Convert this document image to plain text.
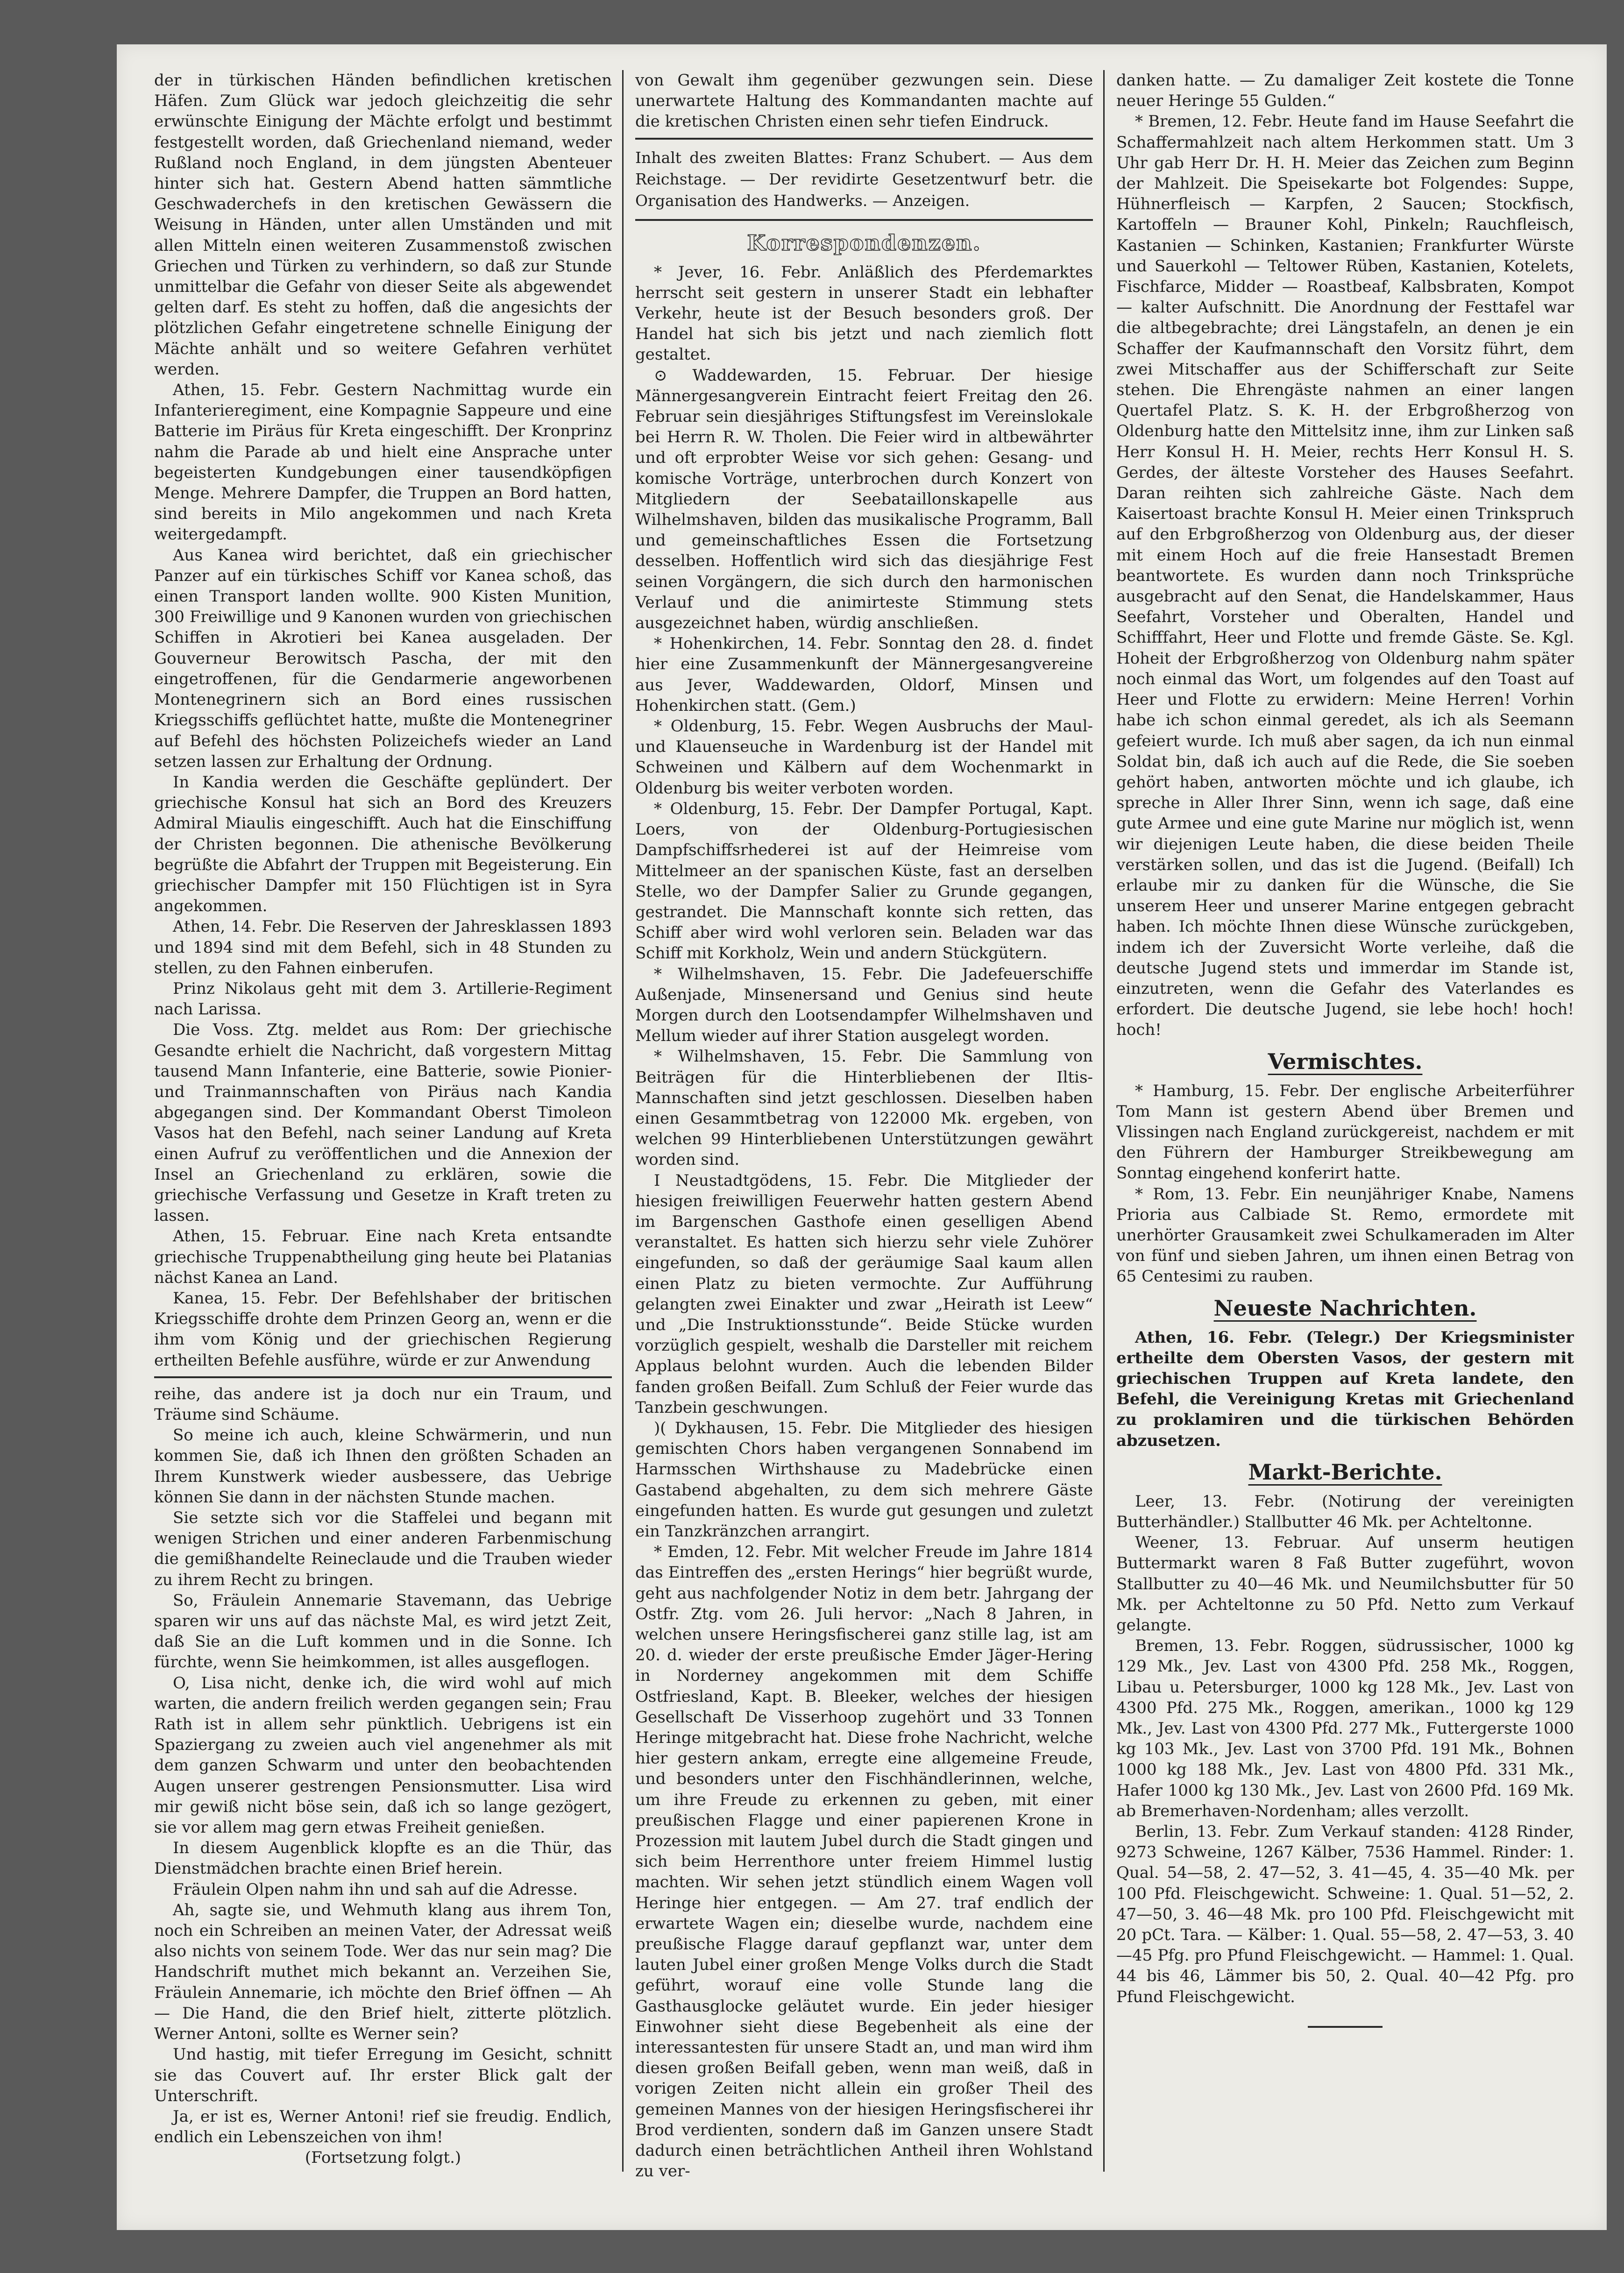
der in türkischen Händen befindlichen kretischen Häfen. Zum Glück war jedoch gleichzeitig die sehr erwünschte Einigung der Mächte erfolgt und bestimmt festgestellt worden, daß Griechenland niemand, weder Rußland noch England, in dem jüngsten Abenteuer hinter sich hat. Gestern Abend hatten sämmtliche Geschwaderchefs in den kretischen Gewässern die Weisung in Händen, unter allen Umständen und mit allen Mitteln einen weiteren Zusammenstoß zwischen Griechen und Türken zu verhindern, so daß zur Stunde unmittelbar die Gefahr von dieser Seite als abgewendet gelten darf. Es steht zu hoffen, daß die angesichts der plötzlichen Gefahr eingetretene schnelle Einigung der Mächte anhält und so weitere Gefahren verhütet werden.

Athen, 15. Febr. Gestern Nachmittag wurde ein Infanterieregiment, eine Kompagnie Sappeure und eine Batterie im Piräus für Kreta eingeschifft. Der Kronprinz nahm die Parade ab und hielt eine Ansprache unter begeisterten Kundgebungen einer tausendköpfigen Menge. Mehrere Dampfer, die Truppen an Bord hatten, sind bereits in Milo angekommen und nach Kreta weitergedampft.

Aus Kanea wird berichtet, daß ein griechischer Panzer auf ein türkisches Schiff vor Kanea schoß, das einen Transport landen wollte. 900 Kisten Munition, 300 Freiwillige und 9 Kanonen wurden von griechischen Schiffen in Akrotieri bei Kanea ausgeladen. Der Gouverneur Berowitsch Pascha, der mit den eingetroffenen, für die Gendarmerie angeworbenen Montenegrinern sich an Bord eines russischen Kriegsschiffs geflüchtet hatte, mußte die Montenegriner auf Befehl des höchsten Polizeichefs wieder an Land setzen lassen zur Erhaltung der Ordnung.

In Kandia werden die Geschäfte geplündert. Der griechische Konsul hat sich an Bord des Kreuzers Admiral Miaulis eingeschifft. Auch hat die Einschiffung der Christen begonnen. Die athenische Bevölkerung begrüßte die Abfahrt der Truppen mit Begeisterung. Ein griechischer Dampfer mit 150 Flüchtigen ist in Syra angekommen.

Athen, 14. Febr. Die Reserven der Jahresklassen 1893 und 1894 sind mit dem Befehl, sich in 48 Stunden zu stellen, zu den Fahnen einberufen.

Prinz Nikolaus geht mit dem 3. Artillerie-Regiment nach Larissa.

Die Voss. Ztg. meldet aus Rom: Der griechische Gesandte erhielt die Nachricht, daß vorgestern Mittag tausend Mann Infanterie, eine Batterie, sowie Pionier- und Trainmannschaften von Piräus nach Kandia abgegangen sind. Der Kommandant Oberst Timoleon Vasos hat den Befehl, nach seiner Landung auf Kreta einen Aufruf zu veröffentlichen und die Annexion der Insel an Griechenland zu erklären, sowie die griechische Verfassung und Gesetze in Kraft treten zu lassen.

Athen, 15. Februar. Eine nach Kreta entsandte griechische Truppenabtheilung ging heute bei Platanias nächst Kanea an Land.

Kanea, 15. Febr. Der Befehlshaber der britischen Kriegsschiffe drohte dem Prinzen Georg an, wenn er die ihm vom König und der griechischen Regierung ertheilten Befehle ausführe, würde er zur Anwendung

reihe, das andere ist ja doch nur ein Traum, und Träume sind Schäume.

So meine ich auch, kleine Schwärmerin, und nun kommen Sie, daß ich Ihnen den größten Schaden an Ihrem Kunstwerk wieder ausbessere, das Uebrige können Sie dann in der nächsten Stunde machen.

Sie setzte sich vor die Staffelei und begann mit wenigen Strichen und einer anderen Farbenmischung die gemißhandelte Reineclaude und die Trauben wieder zu ihrem Recht zu bringen.

So, Fräulein Annemarie Stavemann, das Uebrige sparen wir uns auf das nächste Mal, es wird jetzt Zeit, daß Sie an die Luft kommen und in die Sonne. Ich fürchte, wenn Sie heimkommen, ist alles ausgeflogen.

O, Lisa nicht, denke ich, die wird wohl auf mich warten, die andern freilich werden gegangen sein; Frau Rath ist in allem sehr pünktlich. Uebrigens ist ein Spaziergang zu zweien auch viel angenehmer als mit dem ganzen Schwarm und unter den beobachtenden Augen unserer gestrengen Pensionsmutter. Lisa wird mir gewiß nicht böse sein, daß ich so lange gezögert, sie vor allem mag gern etwas Freiheit genießen.

In diesem Augenblick klopfte es an die Thür, das Dienstmädchen brachte einen Brief herein.

Fräulein Olpen nahm ihn und sah auf die Adresse.

Ah, sagte sie, und Wehmuth klang aus ihrem Ton, noch ein Schreiben an meinen Vater, der Adressat weiß also nichts von seinem Tode. Wer das nur sein mag? Die Handschrift muthet mich bekannt an. Verzeihen Sie, Fräulein Annemarie, ich möchte den Brief öffnen — Ah — Die Hand, die den Brief hielt, zitterte plötzlich. Werner Antoni, sollte es Werner sein?

Und hastig, mit tiefer Erregung im Gesicht, schnitt sie das Couvert auf. Ihr erster Blick galt der Unterschrift.

Ja, er ist es, Werner Antoni! rief sie freudig. Endlich, endlich ein Lebenszeichen von ihm!

(Fortsetzung folgt.)

von Gewalt ihm gegenüber gezwungen sein. Diese unerwartete Haltung des Kommandanten machte auf die kretischen Christen einen sehr tiefen Eindruck.

Inhalt des zweiten Blattes: Franz Schubert. — Aus dem Reichstage. — Der revidirte Gesetzentwurf betr. die Organisation des Handwerks. — Anzeigen.

Korrespondenzen.

* Jever, 16. Febr. Anläßlich des Pferdemarktes herrscht seit gestern in unserer Stadt ein lebhafter Verkehr, heute ist der Besuch besonders groß. Der Handel hat sich bis jetzt und nach ziemlich flott gestaltet.

⊙ Waddewarden, 15. Februar. Der hiesige Männergesangverein Eintracht feiert Freitag den 26. Februar sein diesjähriges Stiftungsfest im Vereinslokale bei Herrn R. W. Tholen. Die Feier wird in altbewährter und oft erprobter Weise vor sich gehen: Gesang- und komische Vorträge, unterbrochen durch Konzert von Mitgliedern der Seebataillonskapelle aus Wilhelmshaven, bilden das musikalische Programm, Ball und gemeinschaftliches Essen die Fortsetzung desselben. Hoffentlich wird sich das diesjährige Fest seinen Vorgängern, die sich durch den harmonischen Verlauf und die animirteste Stimmung stets ausgezeichnet haben, würdig anschließen.

* Hohenkirchen, 14. Febr. Sonntag den 28. d. findet hier eine Zusammenkunft der Männergesangvereine aus Jever, Waddewarden, Oldorf, Minsen und Hohenkirchen statt. (Gem.)

* Oldenburg, 15. Febr. Wegen Ausbruchs der Maul- und Klauenseuche in Wardenburg ist der Handel mit Schweinen und Kälbern auf dem Wochenmarkt in Oldenburg bis weiter verboten worden.

* Oldenburg, 15. Febr. Der Dampfer Portugal, Kapt. Loers, von der Oldenburg-Portugiesischen Dampfschiffsrhederei ist auf der Heimreise vom Mittelmeer an der spanischen Küste, fast an derselben Stelle, wo der Dampfer Salier zu Grunde gegangen, gestrandet. Die Mannschaft konnte sich retten, das Schiff aber wird wohl verloren sein. Beladen war das Schiff mit Korkholz, Wein und andern Stückgütern.

* Wilhelmshaven, 15. Febr. Die Jadefeuerschiffe Außenjade, Minsenersand und Genius sind heute Morgen durch den Lootsendampfer Wilhelmshaven und Mellum wieder auf ihrer Station ausgelegt worden.

* Wilhelmshaven, 15. Febr. Die Sammlung von Beiträgen für die Hinterbliebenen der Iltis-Mannschaften sind jetzt geschlossen. Dieselben haben einen Gesammtbetrag von 122000 Mk. ergeben, von welchen 99 Hinterbliebenen Unterstützungen gewährt worden sind.

I Neustadtgödens, 15. Febr. Die Mitglieder der hiesigen freiwilligen Feuerwehr hatten gestern Abend im Bargenschen Gasthofe einen geselligen Abend veranstaltet. Es hatten sich hierzu sehr viele Zuhörer eingefunden, so daß der geräumige Saal kaum allen einen Platz zu bieten vermochte. Zur Aufführung gelangten zwei Einakter und zwar „Heirath ist Leew“ und „Die Instruktionsstunde“. Beide Stücke wurden vorzüglich gespielt, weshalb die Darsteller mit reichem Applaus belohnt wurden. Auch die lebenden Bilder fanden großen Beifall. Zum Schluß der Feier wurde das Tanzbein geschwungen.

)( Dykhausen, 15. Febr. Die Mitglieder des hiesigen gemischten Chors haben vergangenen Sonnabend im Harmsschen Wirthshause zu Madebrücke einen Gastabend abgehalten, zu dem sich mehrere Gäste eingefunden hatten. Es wurde gut gesungen und zuletzt ein Tanzkränzchen arrangirt.

* Emden, 12. Febr. Mit welcher Freude im Jahre 1814 das Eintreffen des „ersten Herings“ hier begrüßt wurde, geht aus nachfolgender Notiz in dem betr. Jahrgang der Ostfr. Ztg. vom 26. Juli hervor: „Nach 8 Jahren, in welchen unsere Heringsfischerei ganz stille lag, ist am 20. d. wieder der erste preußische Emder Jäger-Hering in Norderney angekommen mit dem Schiffe Ostfriesland, Kapt. B. Bleeker, welches der hiesigen Gesellschaft De Visserhoop zugehört und 33 Tonnen Heringe mitgebracht hat. Diese frohe Nachricht, welche hier gestern ankam, erregte eine allgemeine Freude, und besonders unter den Fischhändlerinnen, welche, um ihre Freude zu erkennen zu geben, mit einer preußischen Flagge und einer papierenen Krone in Prozession mit lautem Jubel durch die Stadt gingen und sich beim Herrenthore unter freiem Himmel lustig machten. Wir sehen jetzt stündlich einem Wagen voll Heringe hier entgegen. — Am 27. traf endlich der erwartete Wagen ein; dieselbe wurde, nachdem eine preußische Flagge darauf gepflanzt war, unter dem lauten Jubel einer großen Menge Volks durch die Stadt geführt, worauf eine volle Stunde lang die Gasthausglocke geläutet wurde. Ein jeder hiesiger Einwohner sieht diese Begebenheit als eine der interessantesten für unsere Stadt an, und man wird ihm diesen großen Beifall geben, wenn man weiß, daß in vorigen Zeiten nicht allein ein großer Theil des gemeinen Mannes von der hiesigen Heringsfischerei ihr Brod verdienten, sondern daß im Ganzen unsere Stadt dadurch einen beträchtlichen Antheil ihren Wohlstand zu ver-

danken hatte. — Zu damaliger Zeit kostete die Tonne neuer Heringe 55 Gulden.“

* Bremen, 12. Febr. Heute fand im Hause Seefahrt die Schaffermahlzeit nach altem Herkommen statt. Um 3 Uhr gab Herr Dr. H. H. Meier das Zeichen zum Beginn der Mahlzeit. Die Speisekarte bot Folgendes: Suppe, Hühnerfleisch — Karpfen, 2 Saucen; Stockfisch, Kartoffeln — Brauner Kohl, Pinkeln; Rauchfleisch, Kastanien — Schinken, Kastanien; Frankfurter Würste und Sauerkohl — Teltower Rüben, Kastanien, Kotelets, Fischfarce, Midder — Roastbeaf, Kalbsbraten, Kompot — kalter Aufschnitt. Die Anordnung der Festtafel war die altbegebrachte; drei Längstafeln, an denen je ein Schaffer der Kaufmannschaft den Vorsitz führt, dem zwei Mitschaffer aus der Schifferschaft zur Seite stehen. Die Ehrengäste nahmen an einer langen Quertafel Platz. S. K. H. der Erbgroßherzog von Oldenburg hatte den Mittelsitz inne, ihm zur Linken saß Herr Konsul H. H. Meier, rechts Herr Konsul H. S. Gerdes, der älteste Vorsteher des Hauses Seefahrt. Daran reihten sich zahlreiche Gäste. Nach dem Kaisertoast brachte Konsul H. Meier einen Trinkspruch auf den Erbgroßherzog von Oldenburg aus, der dieser mit einem Hoch auf die freie Hansestadt Bremen beantwortete. Es wurden dann noch Trinksprüche ausgebracht auf den Senat, die Handelskammer, Haus Seefahrt, Vorsteher und Oberalten, Handel und Schifffahrt, Heer und Flotte und fremde Gäste. Se. Kgl. Hoheit der Erbgroßherzog von Oldenburg nahm später noch einmal das Wort, um folgendes auf den Toast auf Heer und Flotte zu erwidern: Meine Herren! Vorhin habe ich schon einmal geredet, als ich als Seemann gefeiert wurde. Ich muß aber sagen, da ich nun einmal Soldat bin, daß ich auch auf die Rede, die Sie soeben gehört haben, antworten möchte und ich glaube, ich spreche in Aller Ihrer Sinn, wenn ich sage, daß eine gute Armee und eine gute Marine nur möglich ist, wenn wir diejenigen Leute haben, die diese beiden Theile verstärken sollen, und das ist die Jugend. (Beifall) Ich erlaube mir zu danken für die Wünsche, die Sie unserem Heer und unserer Marine entgegen gebracht haben. Ich möchte Ihnen diese Wünsche zurückgeben, indem ich der Zuversicht Worte verleihe, daß die deutsche Jugend stets und immerdar im Stande ist, einzutreten, wenn die Gefahr des Vaterlandes es erfordert. Die deutsche Jugend, sie lebe hoch! hoch! hoch!

Vermischtes.

* Hamburg, 15. Febr. Der englische Arbeiterführer Tom Mann ist gestern Abend über Bremen und Vlissingen nach England zurückgereist, nachdem er mit den Führern der Hamburger Streikbewegung am Sonntag eingehend konferirt hatte.

* Rom, 13. Febr. Ein neunjähriger Knabe, Namens Prioria aus Calbiade St. Remo, ermordete mit unerhörter Grausamkeit zwei Schulkameraden im Alter von fünf und sieben Jahren, um ihnen einen Betrag von 65 Centesimi zu rauben.

Neueste Nachrichten.

Athen, 16. Febr. (Telegr.) Der Kriegsminister ertheilte dem Obersten Vasos, der gestern mit griechischen Truppen auf Kreta landete, den Befehl, die Vereinigung Kretas mit Griechenland zu proklamiren und die türkischen Behörden abzusetzen.

Markt-Berichte.

Leer, 13. Febr. (Notirung der vereinigten Butterhändler.) Stallbutter 46 Mk. per Achteltonne.

Weener, 13. Februar. Auf unserm heutigen Buttermarkt waren 8 Faß Butter zugeführt, wovon Stallbutter zu 40—46 Mk. und Neumilchsbutter für 50 Mk. per Achteltonne zu 50 Pfd. Netto zum Verkauf gelangte.

Bremen, 13. Febr. Roggen, südrussischer, 1000 kg 129 Mk., Jev. Last von 4300 Pfd. 258 Mk., Roggen, Libau u. Petersburger, 1000 kg 128 Mk., Jev. Last von 4300 Pfd. 275 Mk., Roggen, amerikan., 1000 kg 129 Mk., Jev. Last von 4300 Pfd. 277 Mk., Futtergerste 1000 kg 103 Mk., Jev. Last von 3700 Pfd. 191 Mk., Bohnen 1000 kg 188 Mk., Jev. Last von 4800 Pfd. 331 Mk., Hafer 1000 kg 130 Mk., Jev. Last von 2600 Pfd. 169 Mk. ab Bremerhaven-Nordenham; alles verzollt.

Berlin, 13. Febr. Zum Verkauf standen: 4128 Rinder, 9273 Schweine, 1267 Kälber, 7536 Hammel. Rinder: 1. Qual. 54—58, 2. 47—52, 3. 41—45, 4. 35—40 Mk. per 100 Pfd. Fleischgewicht. Schweine: 1. Qual. 51—52, 2. 47—50, 3. 46—48 Mk. pro 100 Pfd. Fleischgewicht mit 20 pCt. Tara. — Kälber: 1. Qual. 55—58, 2. 47—53, 3. 40—45 Pfg. pro Pfund Fleischgewicht. — Hammel: 1. Qual. 44 bis 46, Lämmer bis 50, 2. Qual. 40—42 Pfg. pro Pfund Fleischgewicht.
